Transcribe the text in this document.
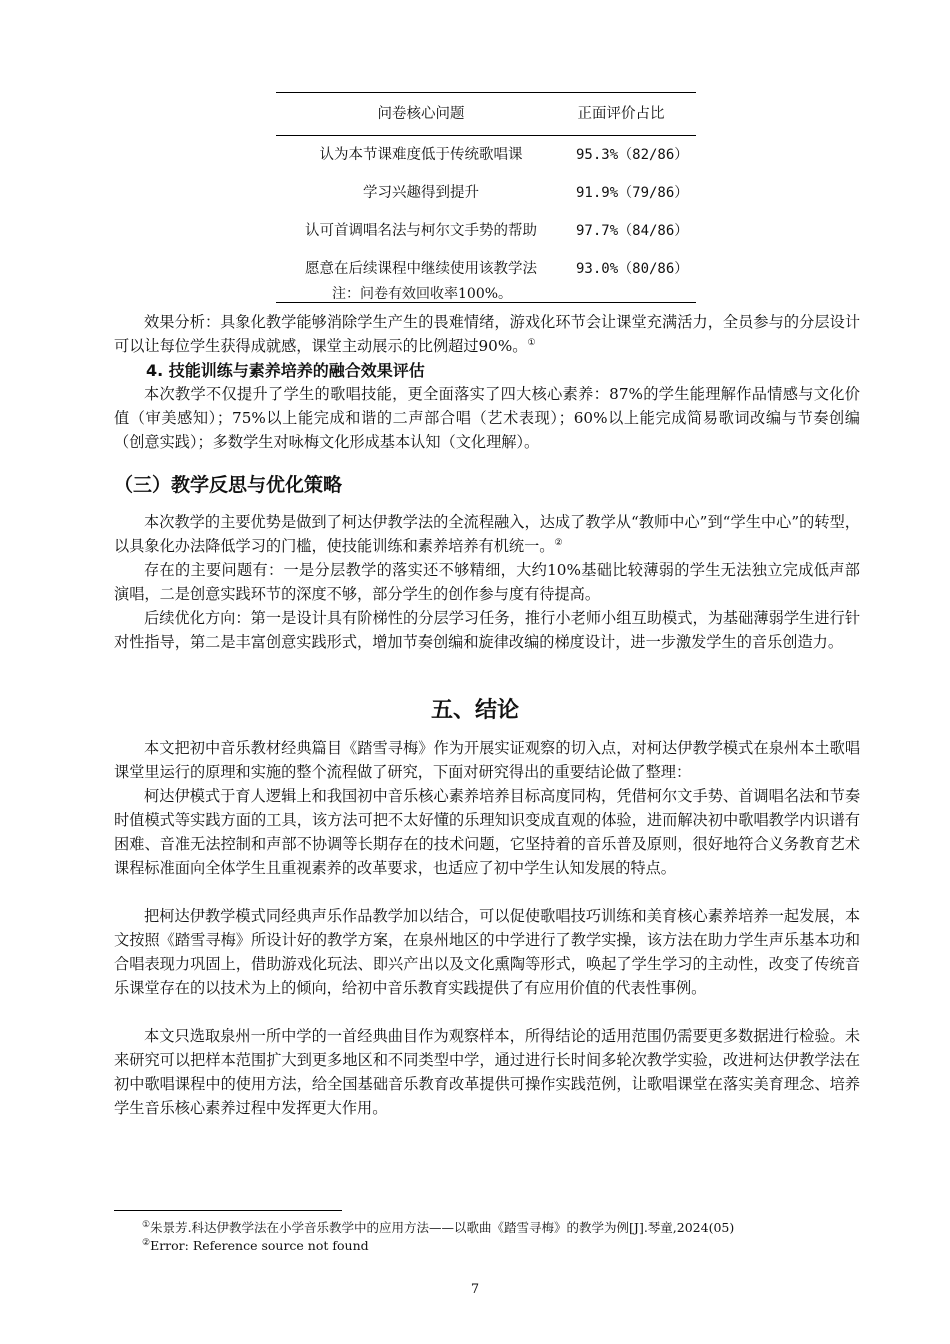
问卷核心问题	正面评价占比
认为本节课难度低于传统歌唱课	95.3%（82/86）
学习兴趣得到提升	91.9%（79/86）
认可首调唱名法与柯尔文手势的帮助	97.7%（84/86）
愿意在后续课程中继续使用该教学法	93.0%（80/86）
注：问卷有效回收率100%。

效果分析：具象化教学能够消除学生产生的畏难情绪，游戏化环节会让课堂充满活力，全员参与的分层设计可以让每位学生获得成就感，课堂主动展示的比例超过90%。①

4. 技能训练与素养培养的融合效果评估

本次教学不仅提升了学生的歌唱技能，更全面落实了四大核心素养：87%的学生能理解作品情感与文化价值（审美感知）；75%以上能完成和谐的二声部合唱（艺术表现）；60%以上能完成简易歌词改编与节奏创编（创意实践）；多数学生对咏梅文化形成基本认知（文化理解）。

（三）教学反思与优化策略

本次教学的主要优势是做到了柯达伊教学法的全流程融入，达成了教学从“教师中心”到“学生中心”的转型，以具象化办法降低学习的门槛，使技能训练和素养培养有机统一。②

存在的主要问题有：一是分层教学的落实还不够精细，大约10%基础比较薄弱的学生无法独立完成低声部演唱，二是创意实践环节的深度不够，部分学生的创作参与度有待提高。

后续优化方向：第一是设计具有阶梯性的分层学习任务，推行小老师小组互助模式，为基础薄弱学生进行针对性指导，第二是丰富创意实践形式，增加节奏创编和旋律改编的梯度设计，进一步激发学生的音乐创造力。

五、结论

本文把初中音乐教材经典篇目《踏雪寻梅》作为开展实证观察的切入点，对柯达伊教学模式在泉州本土歌唱课堂里运行的原理和实施的整个流程做了研究，下面对研究得出的重要结论做了整理：

柯达伊模式于育人逻辑上和我国初中音乐核心素养培养目标高度同构，凭借柯尔文手势、首调唱名法和节奏时值模式等实践方面的工具，该方法可把不太好懂的乐理知识变成直观的体验，进而解决初中歌唱教学内识谱有困难、音准无法控制和声部不协调等长期存在的技术问题，它坚持着的音乐普及原则，很好地符合义务教育艺术课程标准面向全体学生且重视素养的改革要求，也适应了初中学生认知发展的特点。

把柯达伊教学模式同经典声乐作品教学加以结合，可以促使歌唱技巧训练和美育核心素养培养一起发展，本文按照《踏雪寻梅》所设计好的教学方案，在泉州地区的中学进行了教学实操，该方法在助力学生声乐基本功和合唱表现力巩固上，借助游戏化玩法、即兴产出以及文化熏陶等形式，唤起了学生学习的主动性，改变了传统音乐课堂存在的以技术为上的倾向，给初中音乐教育实践提供了有应用价值的代表性事例。

本文只选取泉州一所中学的一首经典曲目作为观察样本，所得结论的适用范围仍需要更多数据进行检验。未来研究可以把样本范围扩大到更多地区和不同类型中学，通过进行长时间多轮次教学实验，改进柯达伊教学法在初中歌唱课程中的使用方法，给全国基础音乐教育改革提供可操作实践范例，让歌唱课堂在落实美育理念、培养学生音乐核心素养过程中发挥更大作用。

①朱景芳.科达伊教学法在小学音乐教学中的应用方法——以歌曲《踏雪寻梅》的教学为例[J].琴童,2024(05)
②Error: Reference source not found
7
